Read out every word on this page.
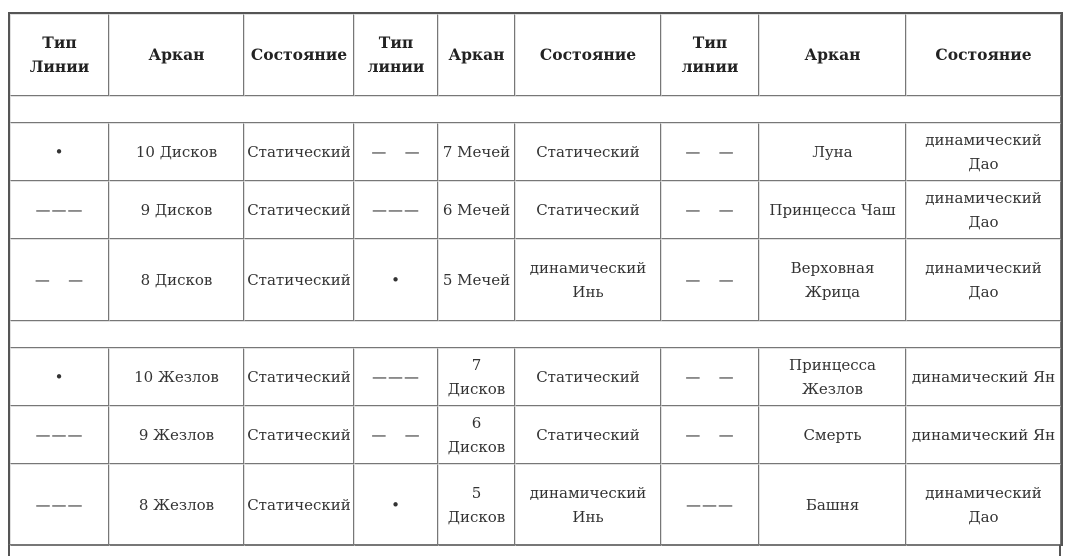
Тип Линии	Аркан	Состояние	Тип линии	Аркан	Состояние	Тип линии	Аркан	Состояние

•	10 Дисков	Статический	—   —	7 Мечей	Статический	—   —	Луна	динамический Дао
———	9 Дисков	Статический	———	6 Мечей	Статический	—   —	Принцесса Чаш	динамический Дао
—   —	8 Дисков	Статический	•	5 Мечей	динамический Инь	—   —	Верховная Жрица	динамический Дао

•	10 Жезлов	Статический	———	7 Дисков	Статический	—   —	Принцесса Жезлов	динамический Ян
———	9 Жезлов	Статический	—   —	6 Дисков	Статический	—   —	Смерть	динамический Ян
———	8 Жезлов	Статический	•	5 Дисков	динамический Инь	———	Башня	динамический Дао
